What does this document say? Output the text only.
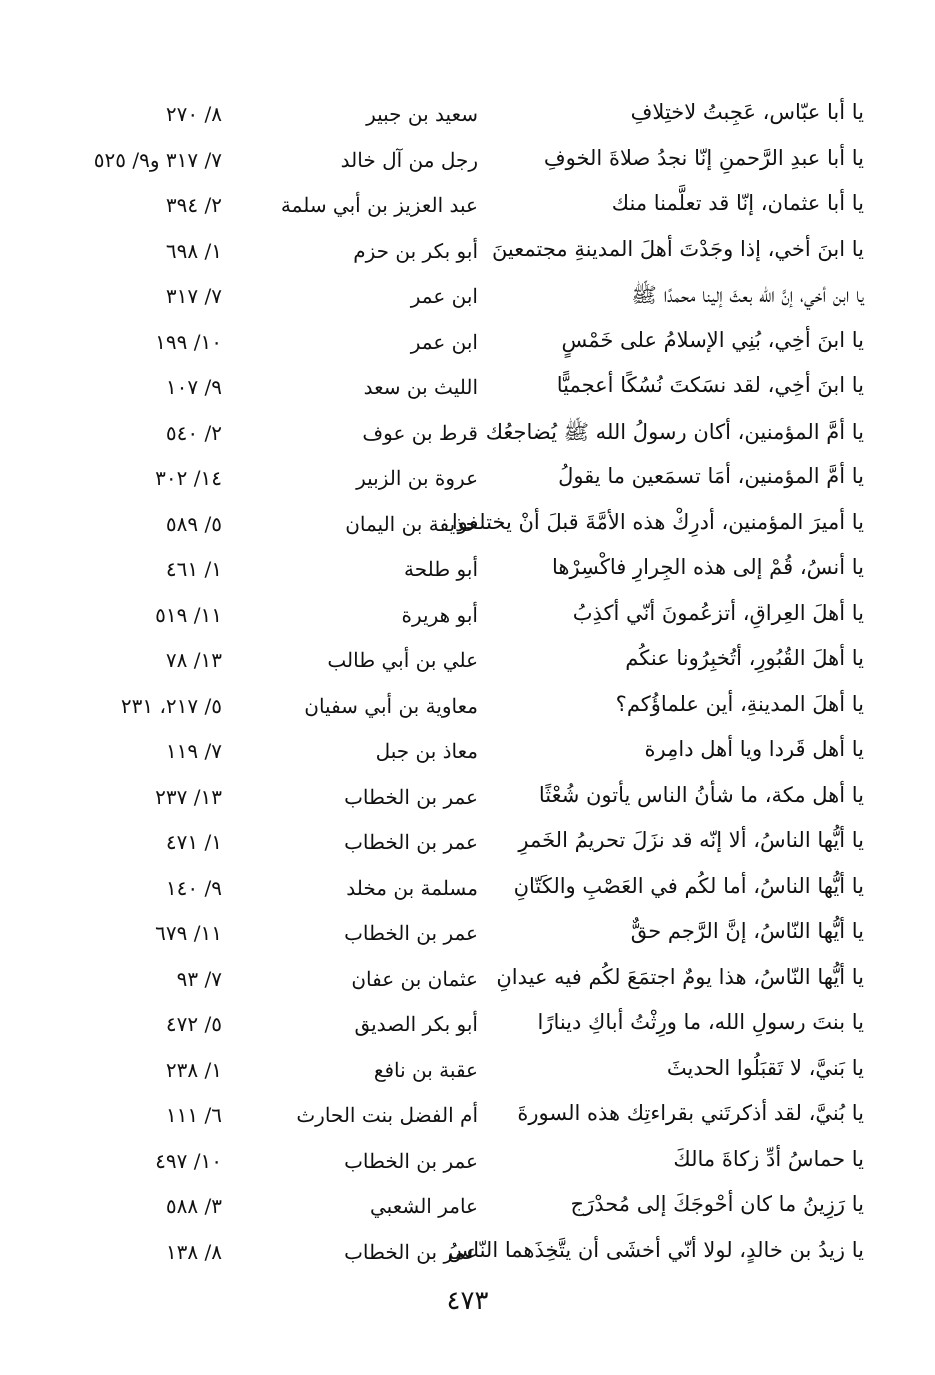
يا أبا عبّاس، عَجِبتُ لاختِلافِ
سعيد بن جبير
٨/ ٢٧٠
يا أبا عبدِ الرَّحمنِ إنّا نجدُ صلاةَ الخوفِ
رجل من آل خالد
٧/ ٣١٧ و٩/ ٥٢٥
يا أبا عثمان، إنّا قد تعلَّمنا منك
عبد العزيز بن أبي سلمة
٢/ ٣٩٤
يا ابنَ أخي، إذا وجَدْتَ أهلَ المدينةِ مجتمعينَ
أبو بكر بن حزم
١/ ٦٩٨
يا ابن أخي، إنَّ الله بعثَ إلينا محمدًا ﷺ
ابن عمر
٧/ ٣١٧
يا ابنَ أخِي، بُنِي الإسلامُ على خَمْسٍ
ابن عمر
١٠/ ١٩٩
يا ابنَ أخِي، لقد نسَكتَ نُسُكًا أعجميًّا
الليث بن سعد
٩/ ١٠٧
يا أمَّ المؤمنين، أكان رسولُ الله ﷺ يُضاجعُك
قرط بن عوف
٢/ ٥٤٠
يا أمَّ المؤمنين، أمَا تسمَعين ما يقولُ
عروة بن الزبير
١٤/ ٣٠٢
يا أميرَ المؤمنين، أدرِكْ هذه الأمَّةَ قبلَ أنْ يختلفوا
حذيفة بن اليمان
٥/ ٥٨٩
يا أنسُ، قُمْ إلى هذه الجِرارِ فاكْسِرْها
أبو طلحة
١/ ٤٦١
يا أهلَ العِراقِ، أتزعُمونَ أنّي أكذِبُ
أبو هريرة
١١/ ٥١٩
يا أهلَ القُبُورِ، أتُخبِرُونا عنكُم
علي بن أبي طالب
١٣/ ٧٨
يا أهلَ المدينةِ، أين علماؤُكم؟
معاوية بن أبي سفيان
٥/ ٢١٧، ٢٣١
يا أهل قَردا ويا أهل دامِرة
معاذ بن جبل
٧/ ١١٩
يا أهل مكة، ما شأنُ الناس يأتون شُعْثًا
عمر بن الخطاب
١٣/ ٢٣٧
يا أيُّها الناسُ، ألا إنّه قد نزَلَ تحريمُ الخَمرِ
عمر بن الخطاب
١/ ٤٧١
يا أيُّها الناسُ، أما لكُم في العَصْبِ والكَتّانِ
مسلمة بن مخلد
٩/ ١٤٠
يا أيُّها النّاسُ، إنَّ الرَّجم حقٌّ
عمر بن الخطاب
١١/ ٦٧٩
يا أيُّها النّاسُ، هذا يومٌ اجتمَعَ لكُم فيه عيدانِ
عثمان بن عفان
٧/ ٩٣
يا بنتَ رسولِ الله، ما ورِثْتُ أباكِ دينارًا
أبو بكر الصديق
٥/ ٤٧٢
يا بَنيَّ، لا تَقبَلُوا الحديثَ
عقبة بن نافع
١/ ٢٣٨
يا بُنيَّ، لقد أذكرتَني بقراءتِك هذه السورةَ
أم الفضل بنت الحارث
٦/ ١١١
يا حماسُ أدِّ زكاةَ مالكَ
عمر بن الخطاب
١٠/ ٤٩٧
يا رَزِينُ ما كان أحْوجَكَ إلى مُحدْرَج
عامر الشعبي
٣/ ٥٨٨
يا زيدُ بن خالدٍ، لولا أنّي أخشَى أن يتَّخِذَهما النّاسُ
عمر بن الخطاب
٨/ ١٣٨
٤٧٣
